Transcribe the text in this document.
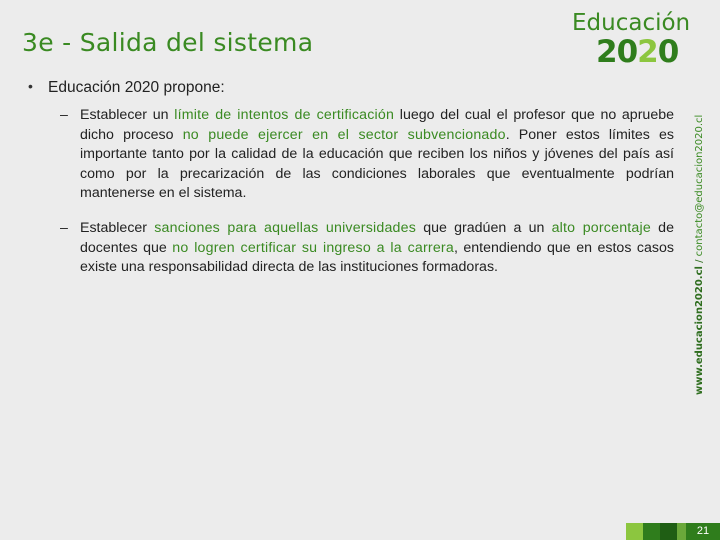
3e - Salida del sistema
Educación
2020
www.educacion2020.cl / contacto@educacion2020.cl
• Educación 2020 propone:
– Establecer un límite de intentos de certificación luego del cual el profesor que no apruebe dicho proceso no puede ejercer en el sector subvencionado. Poner estos límites es importante tanto por la calidad de la educación que reciben los niños y jóvenes del país así como por la precarización de las condiciones laborales que eventualmente podrían mantenerse en el sistema.
– Establecer sanciones para aquellas universidades que gradúen a un alto porcentaje de docentes que no logren certificar su ingreso a la carrera, entendiendo que en estos casos existe una responsabilidad directa de las instituciones formadoras.
21
